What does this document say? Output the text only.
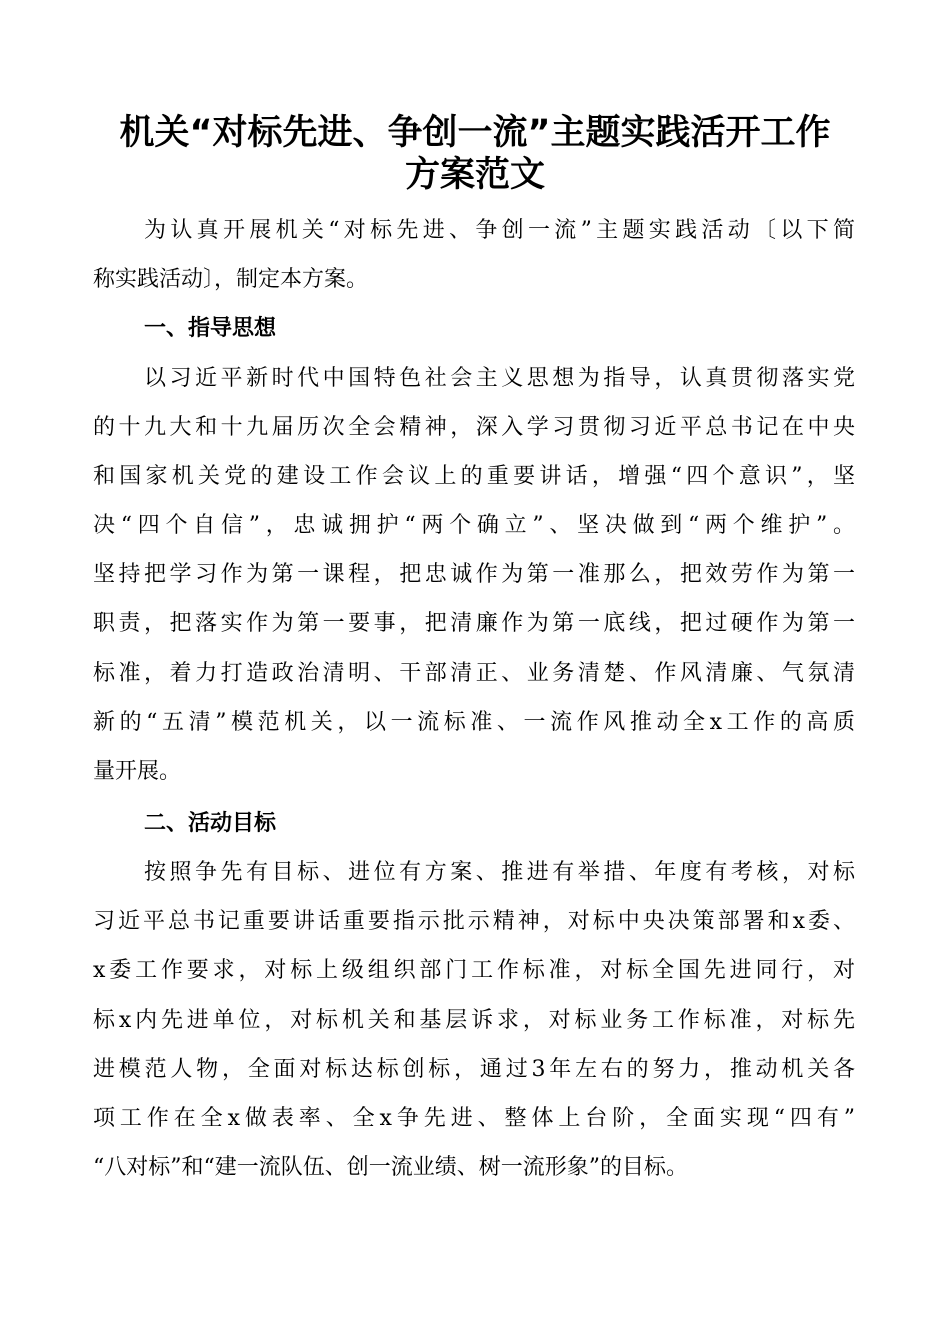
机关“对标先进、争创一流”主题实践活开工作
方案范文

为认真开展机关“对标先进、争创一流”主题实践活动〔以下简

称实践活动〕，制定本方案。

一、指导思想

以习近平新时代中国特色社会主义思想为指导，认真贯彻落实党

的十九大和十九届历次全会精神，深入学习贯彻习近平总书记在中央

和国家机关党的建设工作会议上的重要讲话，增强“四个意识”，坚

决“四个自信”，忠诚拥护“两个确立”、坚决做到“两个维护”。

坚持把学习作为第一课程，把忠诚作为第一准那么，把效劳作为第一

职责，把落实作为第一要事，把清廉作为第一底线，把过硬作为第一

标准，着力打造政治清明、干部清正、业务清楚、作风清廉、气氛清

新的“五清”模范机关，以一流标准、一流作风推动全x工作的高质

量开展。

二、活动目标

按照争先有目标、进位有方案、推进有举措、年度有考核，对标

习近平总书记重要讲话重要指示批示精神，对标中央决策部署和x委、

x委工作要求，对标上级组织部门工作标准，对标全国先进同行，对

标x内先进单位，对标机关和基层诉求，对标业务工作标准，对标先

进模范人物，全面对标达标创标，通过3年左右的努力，推动机关各

项工作在全x做表率、全x争先进、整体上台阶，全面实现“四有”

“八对标”和“建一流队伍、创一流业绩、树一流形象”的目标。
